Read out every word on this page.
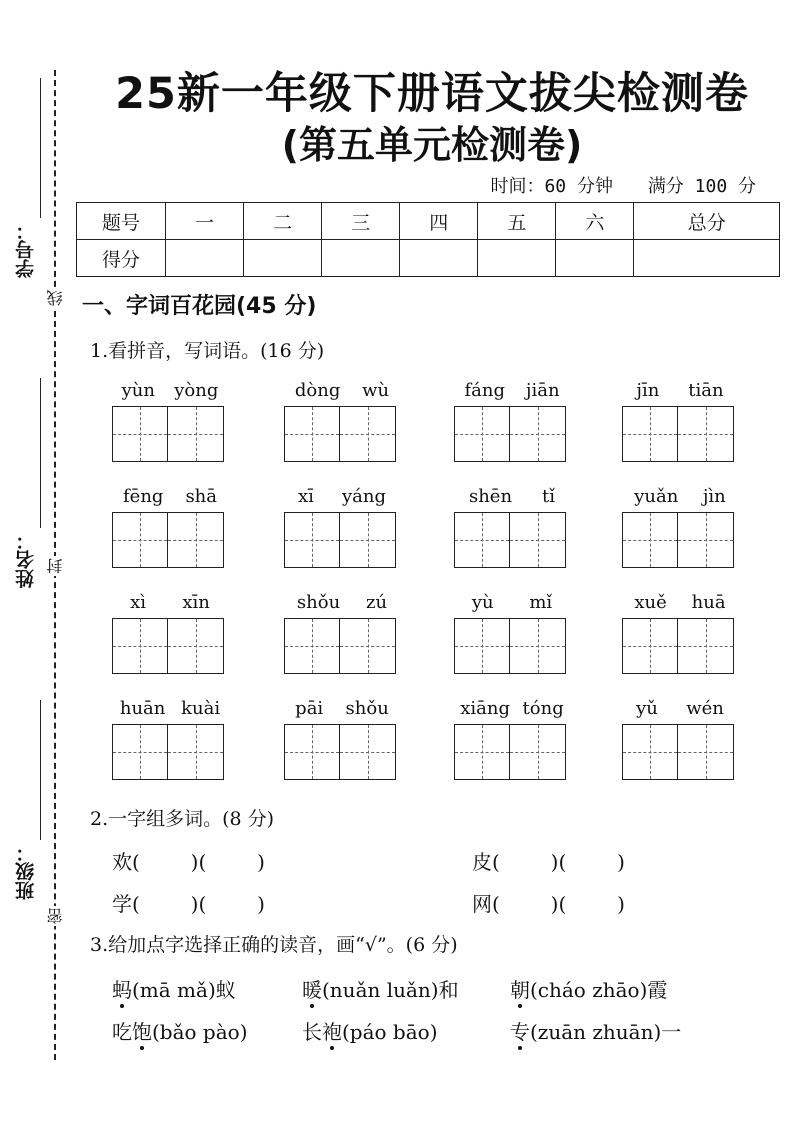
学号：
姓名：
班级：
线
封
密
25新一年级下册语文拔尖检测卷
(第五单元检测卷)
时间：60 分钟 满分 100 分
题号	一	二	三	四	五	六	总分
得分							
一、字词百花园(45 分)
1.看拼音，写词语。(16 分)
yùn yòng	dòng wù	fáng jiān	jīn tiān
fēng shā	xī yáng	shēn tǐ	yuǎn jìn
xì xīn	shǒu zú	yù mǐ	xuě huā
huān kuài	pāi shǒu	xiāng tóng	yǔ wén
2.一字组多词。(8 分)
欢(        )(        )	皮(        )(        )
学(        )(        )	网(        )(        )
3.给加点字选择正确的读音，画“√”。(6 分)
蚂(mā mǎ)蚁	暖(nuǎn luǎn)和	朝(cháo zhāo)霞
吃饱(bǎo pào)	长袍(páo bāo)	专(zuān zhuān)一
